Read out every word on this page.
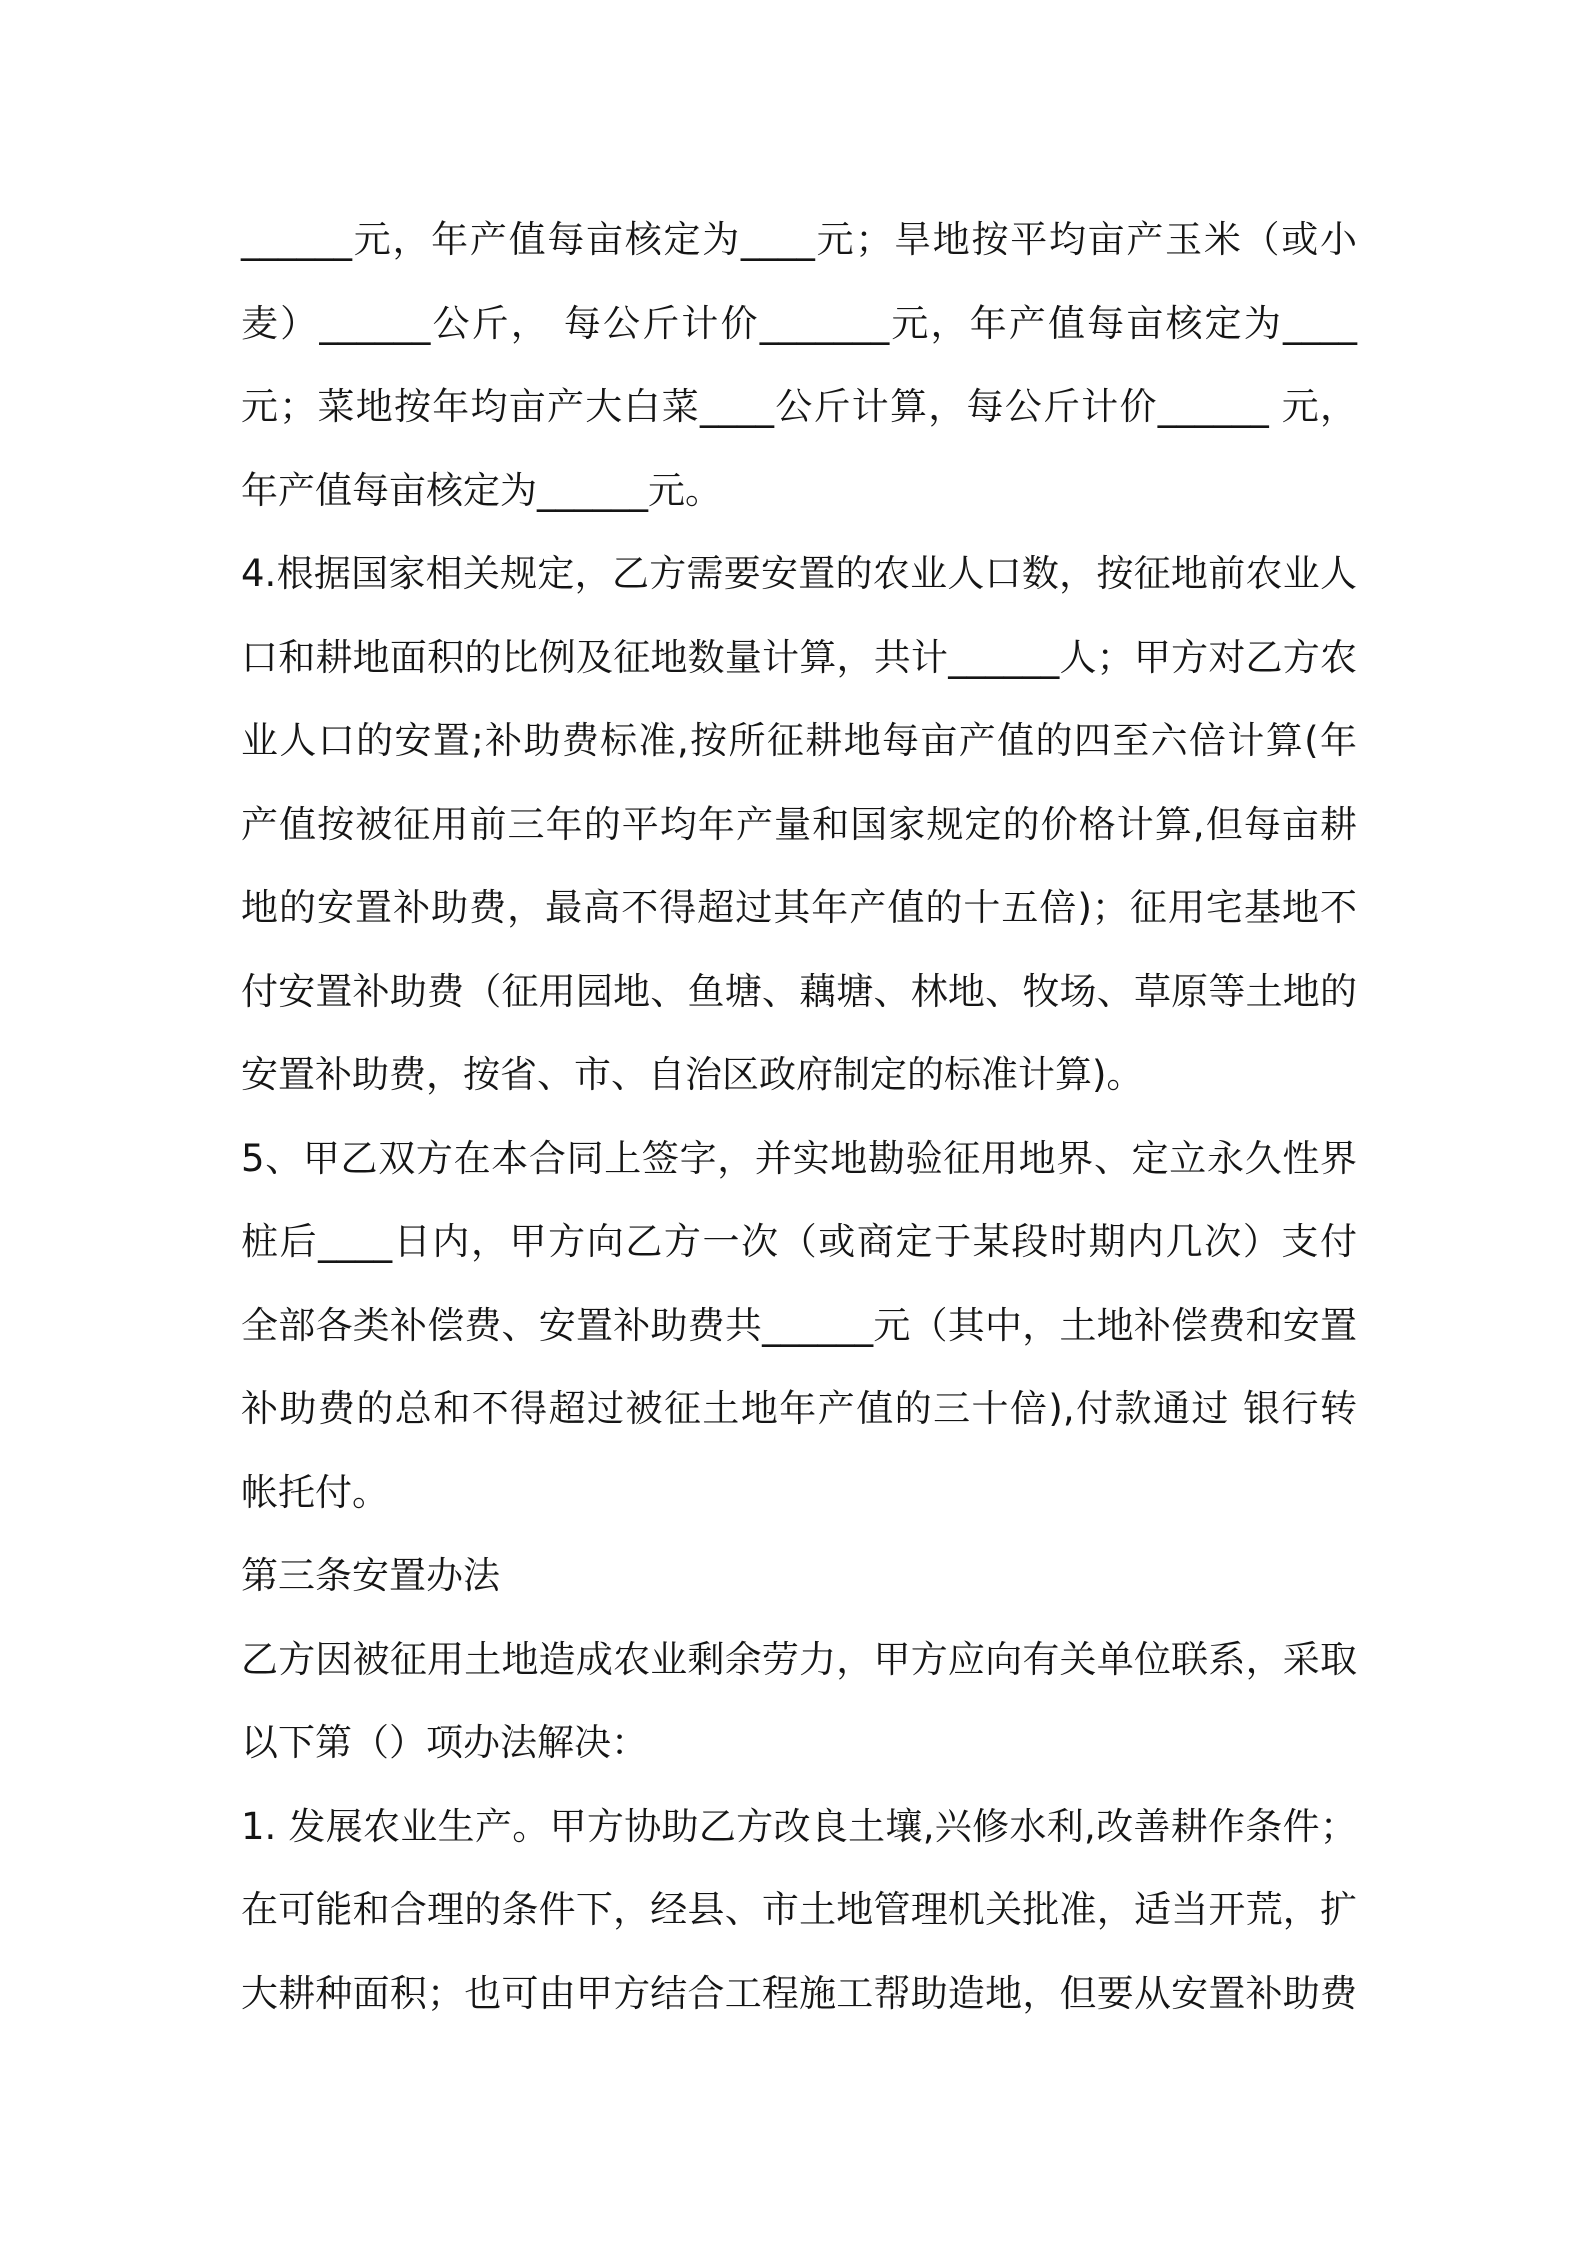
______元，年产值每亩核定为____元；旱地按平均亩产玉米（或小
麦）______公斤， 每公斤计价_______元，年产值每亩核定为____
元；菜地按年均亩产大白菜____公斤计算，每公斤计价______ 元，
年产值每亩核定为______元。
4.根据国家相关规定，乙方需要安置的农业人口数，按征地前农业人
口和耕地面积的比例及征地数量计算，共计______人；甲方对乙方农
业人口的安置;补助费标准,按所征耕地每亩产值的四至六倍计算(年
产值按被征用前三年的平均年产量和国家规定的价格计算,但每亩耕
地的安置补助费，最高不得超过其年产值的十五倍)；征用宅基地不
付安置补助费（征用园地、鱼塘、藕塘、林地、牧场、草原等土地的
安置补助费，按省、市、自治区政府制定的标准计算)。
5、甲乙双方在本合同上签字，并实地勘验征用地界、定立永久性界
桩后____日内，甲方向乙方一次（或商定于某段时期内几次）支付
全部各类补偿费、安置补助费共______元（其中，土地补偿费和安置
补助费的总和不得超过被征土地年产值的三十倍),付款通过 银行转
帐托付。
第三条安置办法
乙方因被征用土地造成农业剩余劳力，甲方应向有关单位联系，采取
以下第（）项办法解决：
1. 发展农业生产。甲方协助乙方改良土壤,兴修水利,改善耕作条件；
在可能和合理的条件下，经县、市土地管理机关批准，适当开荒，扩
大耕种面积；也可由甲方结合工程施工帮助造地，但要从安置补助费
